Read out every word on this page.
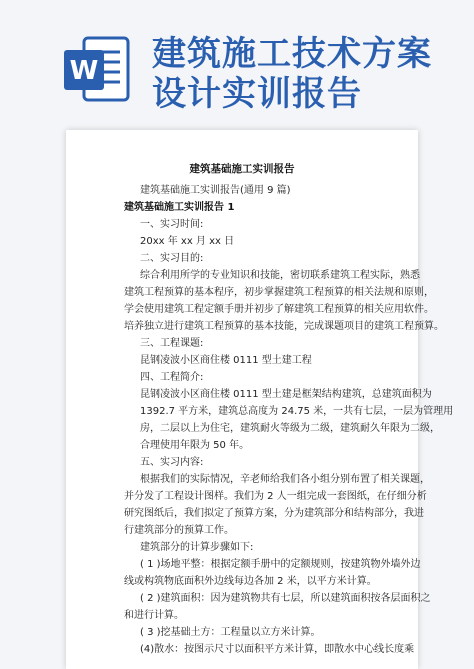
W 建筑施工技术方案
设计实训报告
建筑基础施工实训报告
建筑基础施工实训报告(通用 9 篇)
建筑基础施工实训报告 1
一、实习时间:
20xx 年 xx 月 xx 日
二、实习目的:
综合利用所学的专业知识和技能，密切联系建筑工程实际，熟悉
建筑工程预算的基本程序，初步掌握建筑工程预算的相关法规和原则，
学会使用建筑工程定额手册并初步了解建筑工程预算的相关应用软件。
培养独立进行建筑工程预算的基本技能，完成课题项目的建筑工程预算。
三、工程课题:
昆钢凌波小区商住楼 0111 型土建工程
四、工程简介:
昆钢凌波小区商住楼 0111 型土建是框架结构建筑，总建筑面积为
1392.7 平方米，建筑总高度为 24.75 米，一共有七层，一层为管理用
房，二层以上为住宅，建筑耐火等级为二级，建筑耐久年限为二级，
合理使用年限为 50 年。
五、实习内容:
根据我们的实际情况，辛老师给我们各小组分别布置了相关课题，
并分发了工程设计图样。我们为 2 人一组完成一套图纸，在仔细分析
研究图纸后，我们拟定了预算方案，分为建筑部分和结构部分，我进
行建筑部分的预算工作。
建筑部分的计算步骤如下:
( 1 )场地平整：根据定额手册中的定额规则，按建筑物外墙外边
线或构筑物底面积外边线每边各加 2 米，以平方米计算。
( 2 )建筑面积：因为建筑物共有七层，所以建筑面积按各层面积之
和进行计算。
( 3 )挖基础土方：工程量以立方米计算。
(4)散水：按图示尺寸以面积平方米计算，即散水中心线长度乘
